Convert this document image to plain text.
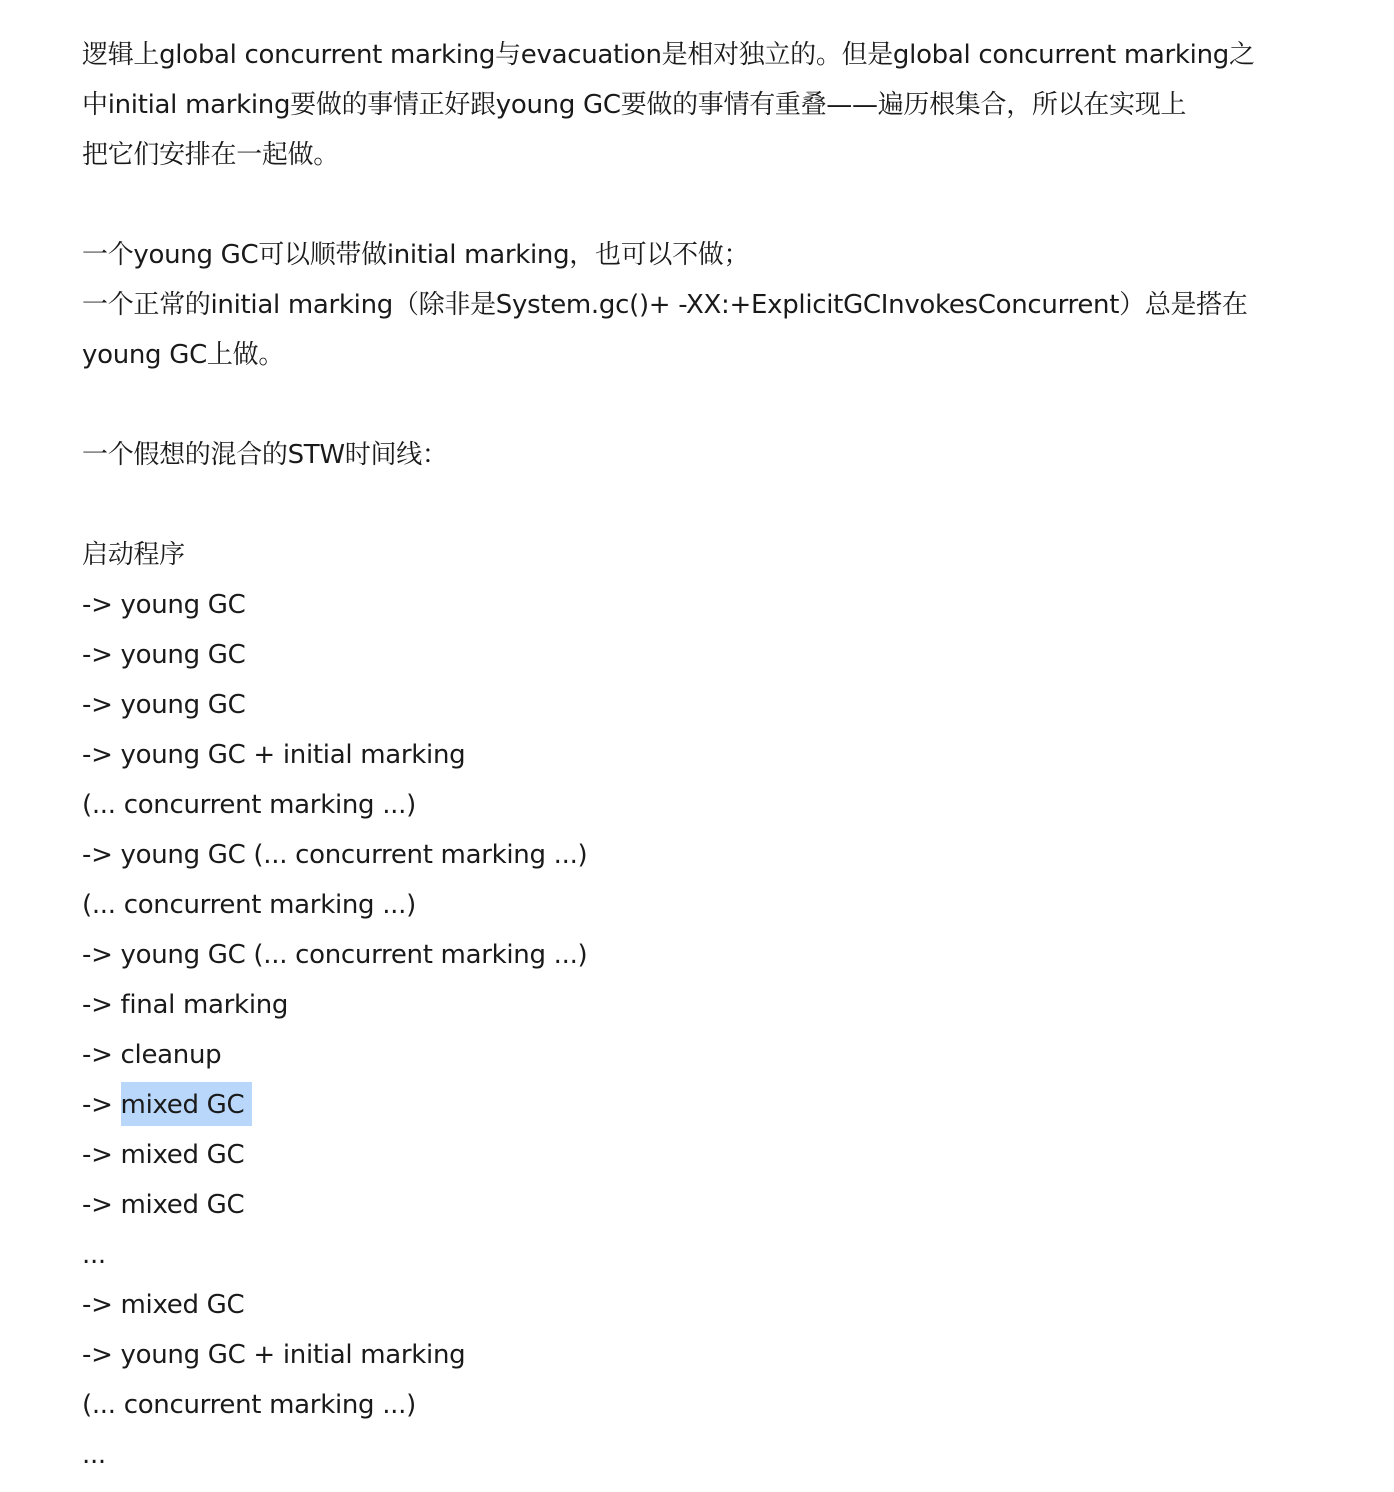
逻辑上global concurrent marking与evacuation是相对独立的。但是global concurrent marking之
中initial marking要做的事情正好跟young GC要做的事情有重叠——遍历根集合，所以在实现上
把它们安排在一起做。
一个young GC可以顺带做initial marking，也可以不做；
一个正常的initial marking（除非是System.gc()+ -XX:+ExplicitGCInvokesConcurrent）总是搭在
young GC上做。
一个假想的混合的STW时间线：
启动程序
-> young GC
-> young GC
-> young GC
-> young GC + initial marking
(... concurrent marking ...)
-> young GC (... concurrent marking ...)
(... concurrent marking ...)
-> young GC (... concurrent marking ...)
-> final marking
-> cleanup
-> mixed GC
-> mixed GC
-> mixed GC
...
-> mixed GC
-> young GC + initial marking
(... concurrent marking ...)
...
